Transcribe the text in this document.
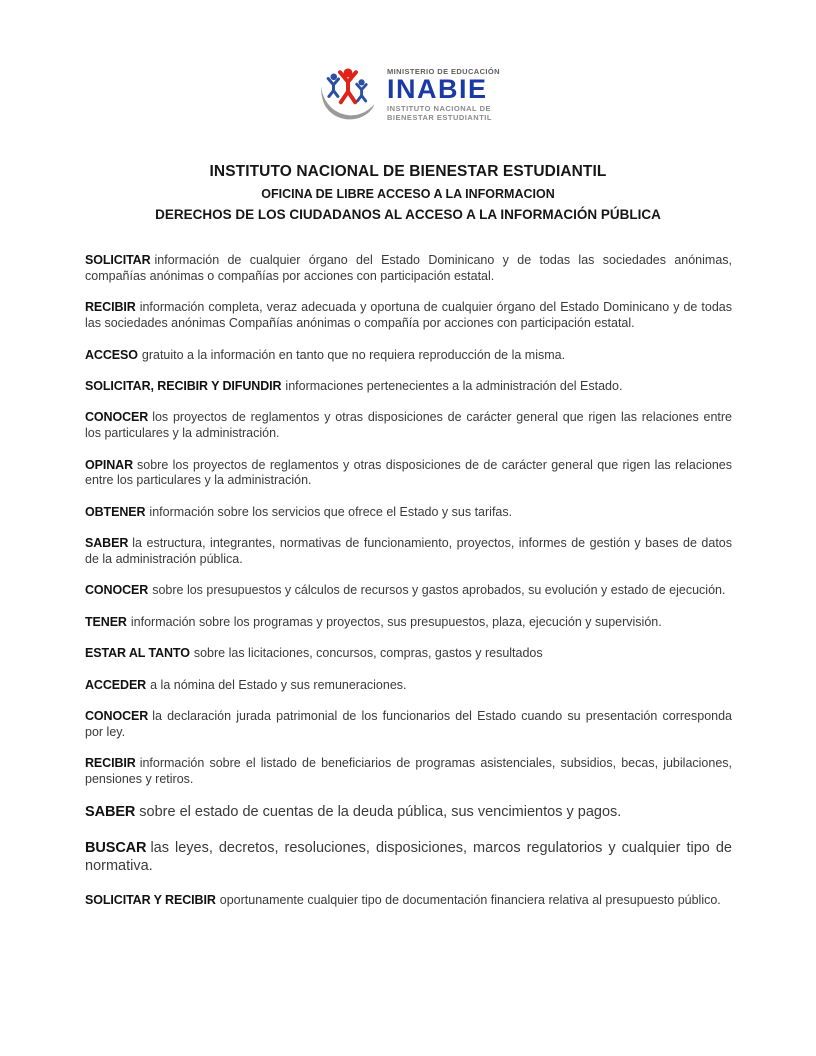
MINISTERIO DE EDUCACIÓN
INABIE
INSTITUTO NACIONAL DE
BIENESTAR ESTUDIANTIL
INSTITUTO NACIONAL DE BIENESTAR ESTUDIANTIL
OFICINA DE LIBRE ACCESO A LA INFORMACION
DERECHOS DE LOS CIUDADANOS AL ACCESO A LA INFORMACIÓN PÚBLICA

SOLICITAR información de cualquier órgano del Estado Dominicano y de todas las sociedades anónimas, compañías anónimas o compañías por acciones con participación estatal.

RECIBIR información completa, veraz adecuada y oportuna de cualquier órgano del Estado Dominicano y de todas las sociedades anónimas Compañías anónimas o compañía por acciones con participación estatal.

ACCESO gratuito a la información en tanto que no requiera reproducción de la misma.

SOLICITAR, RECIBIR Y DIFUNDIR informaciones pertenecientes a la administración del Estado.

CONOCER los proyectos de reglamentos y otras disposiciones de carácter general que rigen las relaciones entre los particulares y la administración.

OPINAR sobre los proyectos de reglamentos y otras disposiciones de de carácter general que rigen las relaciones entre los particulares y la administración.

OBTENER información sobre los servicios que ofrece el Estado y sus tarifas.

SABER la estructura, integrantes, normativas de funcionamiento, proyectos, informes de gestión y bases de datos de la administración pública.

CONOCER sobre los presupuestos y cálculos de recursos y gastos aprobados, su evolución y estado de ejecución.

TENER información sobre los programas y proyectos, sus presupuestos, plaza, ejecución y supervisión.

ESTAR AL TANTO sobre las licitaciones, concursos, compras, gastos y resultados

ACCEDER a la nómina del Estado y sus remuneraciones.

CONOCER la declaración jurada patrimonial de los funcionarios del Estado cuando su presentación corresponda por ley.

RECIBIR información sobre el listado de beneficiarios de programas asistenciales, subsidios, becas, jubilaciones, pensiones y retiros.

SABER sobre el estado de cuentas de la deuda pública, sus vencimientos y pagos.

BUSCAR las leyes, decretos, resoluciones, disposiciones, marcos regulatorios y cualquier tipo de normativa.

SOLICITAR Y RECIBIR oportunamente cualquier tipo de documentación financiera relativa al presupuesto público.
